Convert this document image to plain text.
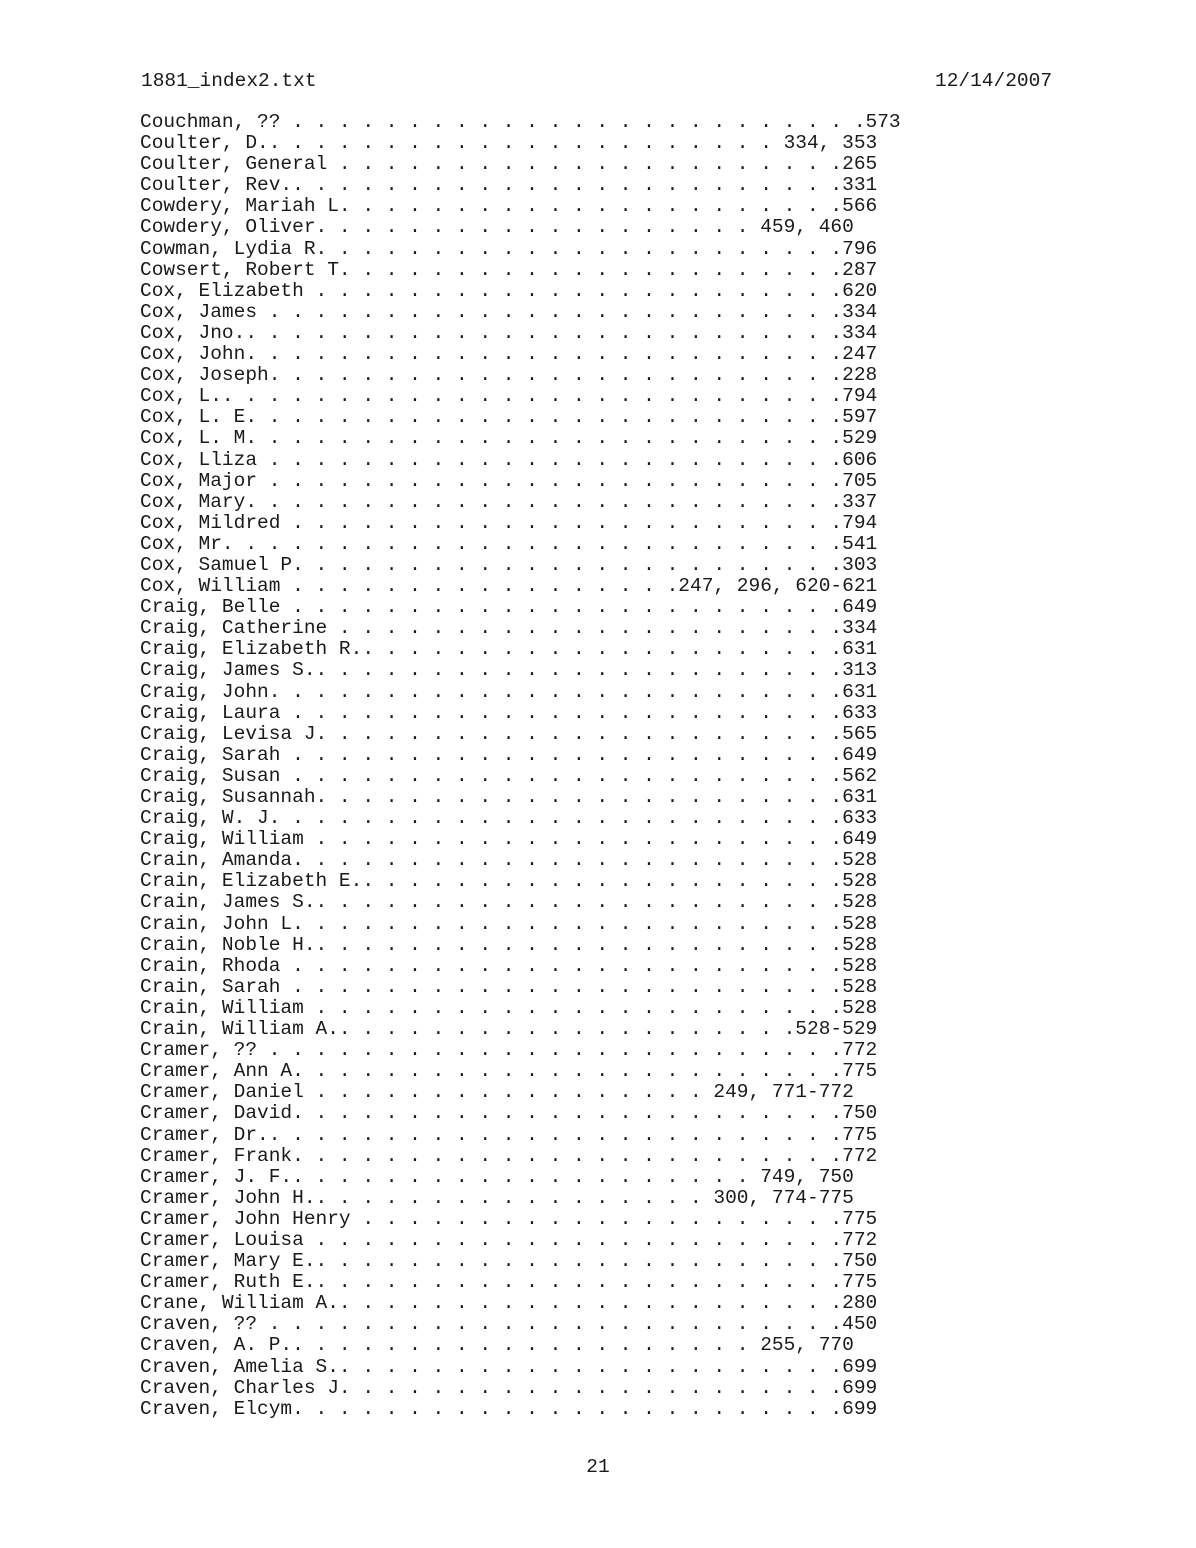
1881_index2.txt	12/14/2007
Couchman, ?? . . . . . . . . . . . . . . . . . . . . . . . . .573
Coulter, D.. . . . . . . . . . . . . . . . . . . . . . 334, 353
Coulter, General . . . . . . . . . . . . . . . . . . . . . .265
Coulter, Rev.. . . . . . . . . . . . . . . . . . . . . . . .331
Cowdery, Mariah L. . . . . . . . . . . . . . . . . . . . . .566
Cowdery, Oliver. . . . . . . . . . . . . . . . . . . 459, 460
Cowman, Lydia R. . . . . . . . . . . . . . . . . . . . . . .796
Cowsert, Robert T. . . . . . . . . . . . . . . . . . . . . .287
Cox, Elizabeth . . . . . . . . . . . . . . . . . . . . . . .620
Cox, James . . . . . . . . . . . . . . . . . . . . . . . . .334
Cox, Jno.. . . . . . . . . . . . . . . . . . . . . . . . . .334
Cox, John. . . . . . . . . . . . . . . . . . . . . . . . . .247
Cox, Joseph. . . . . . . . . . . . . . . . . . . . . . . . .228
Cox, L.. . . . . . . . . . . . . . . . . . . . . . . . . . .794
Cox, L. E. . . . . . . . . . . . . . . . . . . . . . . . . .597
Cox, L. M. . . . . . . . . . . . . . . . . . . . . . . . . .529
Cox, Lliza . . . . . . . . . . . . . . . . . . . . . . . . .606
Cox, Major . . . . . . . . . . . . . . . . . . . . . . . . .705
Cox, Mary. . . . . . . . . . . . . . . . . . . . . . . . . .337
Cox, Mildred . . . . . . . . . . . . . . . . . . . . . . . .794
Cox, Mr. . . . . . . . . . . . . . . . . . . . . . . . . . .541
Cox, Samuel P. . . . . . . . . . . . . . . . . . . . . . . .303
Cox, William . . . . . . . . . . . . . . . . .247, 296, 620-621
Craig, Belle . . . . . . . . . . . . . . . . . . . . . . . .649
Craig, Catherine . . . . . . . . . . . . . . . . . . . . . .334
Craig, Elizabeth R.. . . . . . . . . . . . . . . . . . . . .631
Craig, James S.. . . . . . . . . . . . . . . . . . . . . . .313
Craig, John. . . . . . . . . . . . . . . . . . . . . . . . .631
Craig, Laura . . . . . . . . . . . . . . . . . . . . . . . .633
Craig, Levisa J. . . . . . . . . . . . . . . . . . . . . . .565
Craig, Sarah . . . . . . . . . . . . . . . . . . . . . . . .649
Craig, Susan . . . . . . . . . . . . . . . . . . . . . . . .562
Craig, Susannah. . . . . . . . . . . . . . . . . . . . . . .631
Craig, W. J. . . . . . . . . . . . . . . . . . . . . . . . .633
Craig, William . . . . . . . . . . . . . . . . . . . . . . .649
Crain, Amanda. . . . . . . . . . . . . . . . . . . . . . . .528
Crain, Elizabeth E.. . . . . . . . . . . . . . . . . . . . .528
Crain, James S.. . . . . . . . . . . . . . . . . . . . . . .528
Crain, John L. . . . . . . . . . . . . . . . . . . . . . . .528
Crain, Noble H.. . . . . . . . . . . . . . . . . . . . . . .528
Crain, Rhoda . . . . . . . . . . . . . . . . . . . . . . . .528
Crain, Sarah . . . . . . . . . . . . . . . . . . . . . . . .528
Crain, William . . . . . . . . . . . . . . . . . . . . . . .528
Crain, William A.. . . . . . . . . . . . . . . . . . . .528-529
Cramer, ?? . . . . . . . . . . . . . . . . . . . . . . . . .772
Cramer, Ann A. . . . . . . . . . . . . . . . . . . . . . . .775
Cramer, Daniel . . . . . . . . . . . . . . . . . 249, 771-772
Cramer, David. . . . . . . . . . . . . . . . . . . . . . . .750
Cramer, Dr.. . . . . . . . . . . . . . . . . . . . . . . . .775
Cramer, Frank. . . . . . . . . . . . . . . . . . . . . . . .772
Cramer, J. F.. . . . . . . . . . . . . . . . . . . . 749, 750
Cramer, John H.. . . . . . . . . . . . . . . . . 300, 774-775
Cramer, John Henry . . . . . . . . . . . . . . . . . . . . .775
Cramer, Louisa . . . . . . . . . . . . . . . . . . . . . . .772
Cramer, Mary E.. . . . . . . . . . . . . . . . . . . . . . .750
Cramer, Ruth E.. . . . . . . . . . . . . . . . . . . . . . .775
Crane, William A.. . . . . . . . . . . . . . . . . . . . . .280
Craven, ?? . . . . . . . . . . . . . . . . . . . . . . . . .450
Craven, A. P.. . . . . . . . . . . . . . . . . . . . 255, 770
Craven, Amelia S.. . . . . . . . . . . . . . . . . . . . . .699
Craven, Charles J. . . . . . . . . . . . . . . . . . . . . .699
Craven, Elcym. . . . . . . . . . . . . . . . . . . . . . . .699
21
